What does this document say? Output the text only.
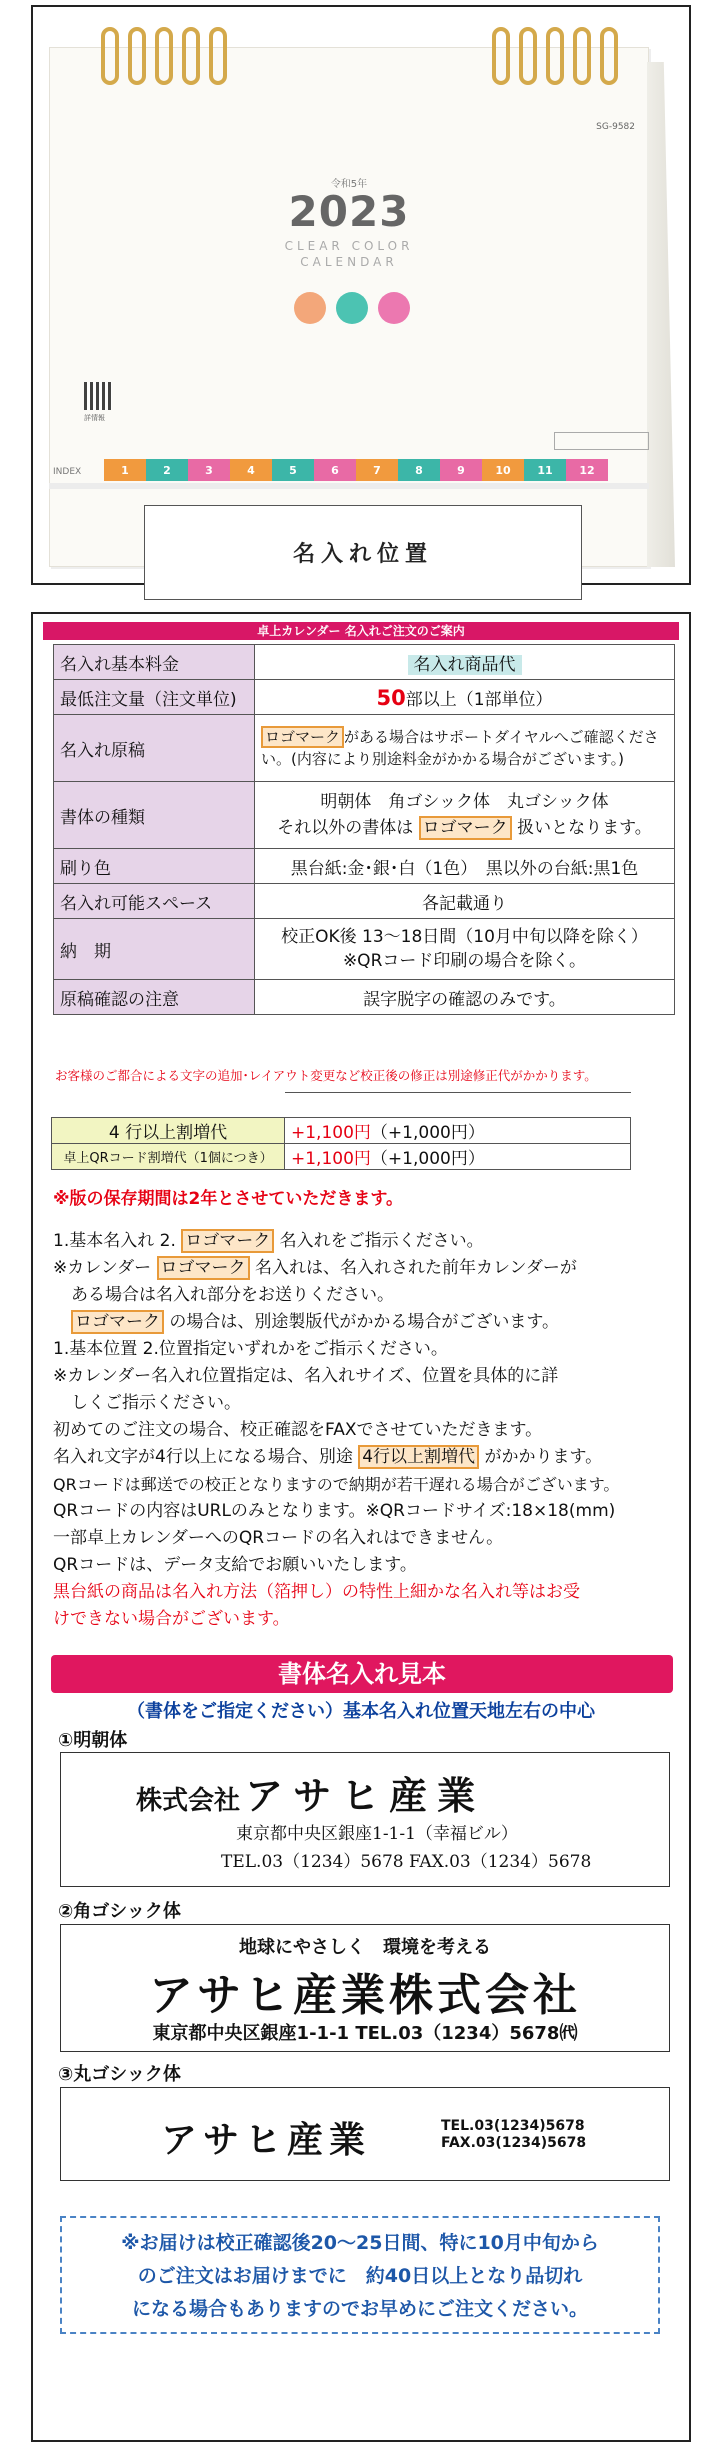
SG-9582
令和5年
2023
CLEAR COLOR
CALENDAR
詳情報
INDEX	1	2	3	4	5	6	7	8	9	10	11	12
名入れ位置
卓上カレンダー 名入れご注文のご案内
名入れ基本料金	名入れ商品代
最低注文量（注文単位)	50部以上（1部単位）
名入れ原稿	ロゴマーク がある場合はサポートダイヤルへご確認ください。(内容により別途料金がかかる場合がございます。)
書体の種類	明朝体　角ゴシック体　丸ゴシック体
それ以外の書体は ロゴマーク 扱いとなります。

刷り色	黒台紙:金･銀･白（1色）　黒以外の台紙:黒1色
名入れ可能スペース	各記載通り
納　期	校正OK後 13～18日間（10月中旬以降を除く）
※QRコード印刷の場合を除く。

原稿確認の注意	誤字脱字の確認のみです。
お客様のご都合による文字の追加･レイアウト変更など校正後の修正は別途修正代がかかります。

4 行以上割増代	+1,100円（+1,000円）
卓上QRコード割増代（1個につき）	+1,100円（+1,000円）
※版の保存期間は2年とさせていただきます。

1.基本名入れ 2. ロゴマーク 名入れをご指示ください。

※カレンダー ロゴマーク 名入れは、名入れされた前年カレンダーが

ある場合は名入れ部分をお送りください。

ロゴマーク の場合は、別途製版代がかかる場合がございます。

1.基本位置 2.位置指定いずれかをご指示ください。

※カレンダー名入れ位置指定は、名入れサイズ、位置を具体的に詳

しくご指示ください。

初めてのご注文の場合、校正確認をFAXでさせていただきます。

名入れ文字が4行以上になる場合、別途 4行以上割増代 がかかります。

QRコードは郵送での校正となりますので納期が若干遅れる場合がございます。

QRコードの内容はURLのみとなります。※QRコードサイズ:18×18(mm)

一部卓上カレンダーへのQRコードの名入れはできません。

QRコードは、データ支給でお願いいたします。

黒台紙の商品は名入れ方法（箔押し）の特性上細かな名入れ等はお受

けできない場合がございます。

書体名入れ見本
（書体をご指定ください）基本名入れ位置天地左右の中心
①明朝体
株式会社 アサヒ産業
東京都中央区銀座1-1-1（幸福ビル）
TEL.03（1234）5678 FAX.03（1234）5678
②角ゴシック体
地球にやさしく　環境を考える
アサヒ産業株式会社
東京都中央区銀座1-1-1 TEL.03（1234）5678㈹
③丸ゴシック体
アサヒ産業	TEL.03(1234)5678
FAX.03(1234)5678
※お届けは校正確認後20～25日間、特に10月中旬から
のご注文はお届けまでに　約40日以上となり品切れ
になる場合もありますのでお早めにご注文ください。
